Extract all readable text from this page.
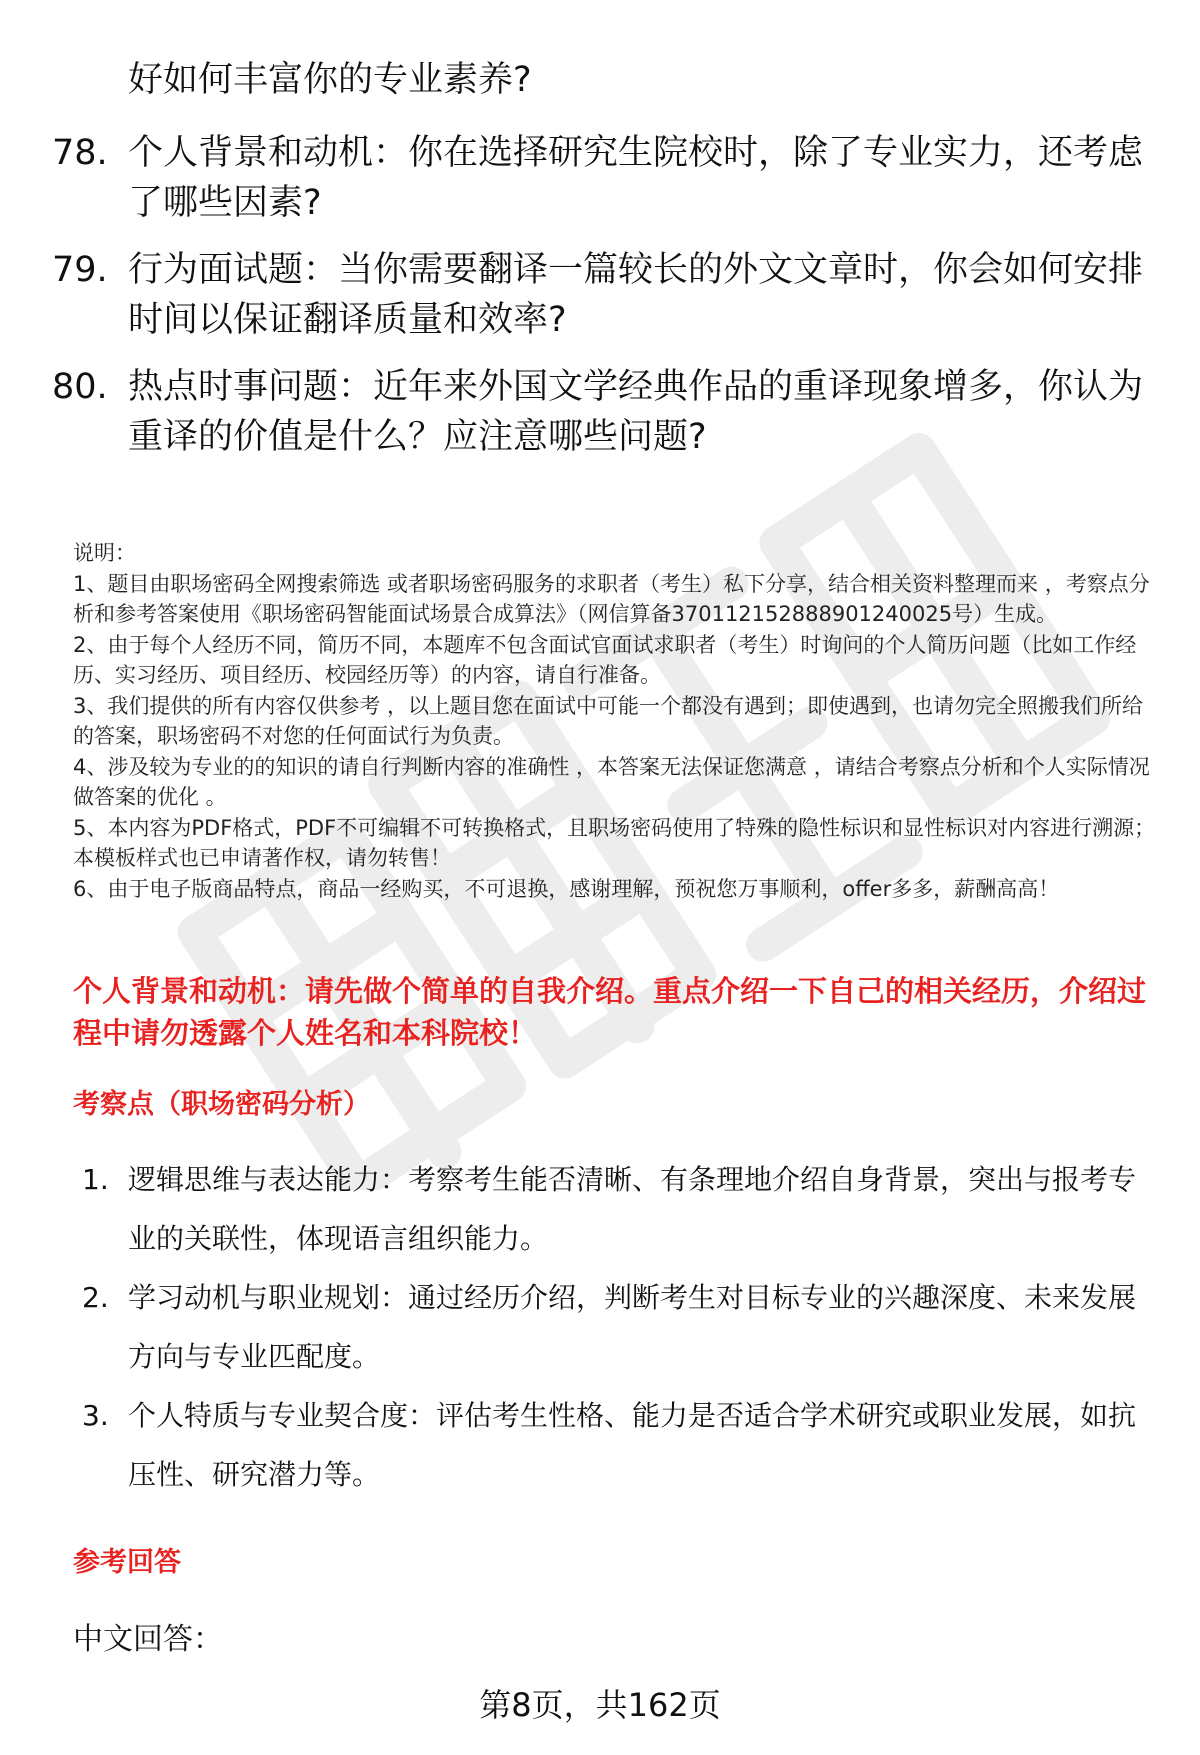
好如何丰富你的专业素养?
78. 个人背景和动机：你在选择研究生院校时，除了专业实力，还考虑了哪些因素?
79. 行为面试题：当你需要翻译一篇较长的外文文章时，你会如何安排时间以保证翻译质量和效率?
80. 热点时事问题：近年来外国文学经典作品的重译现象增多，你认为重译的价值是什么？应注意哪些问题?

说明：

1、题目由职场密码全网搜索筛选 或者职场密码服务的求职者（考生）私下分享，结合相关资料整理而来 ，考察点分析和参考答案使用《职场密码智能面试场景合成算法》（网信算备370112152888901240025号）生成。

2、由于每个人经历不同，简历不同，本题库不包含面试官面试求职者（考生）时询问的个人简历问题（比如工作经历、实习经历、项目经历、校园经历等）的内容，请自行准备。

3、我们提供的所有内容仅供参考 ，以上题目您在面试中可能一个都没有遇到；即使遇到，也请勿完全照搬我们所给的答案，职场密码不对您的任何面试行为负责。

4、涉及较为专业的的知识的请自行判断内容的准确性 ，本答案无法保证您满意 ，请结合考察点分析和个人实际情况做答案的优化 。

5、本内容为PDF格式，PDF不可编辑不可转换格式，且职场密码使用了特殊的隐性标识和显性标识对内容进行溯源；本模板样式也已申请著作权，请勿转售！

6、由于电子版商品特点，商品一经购买，不可退换，感谢理解，预祝您万事顺利，offer多多，薪酬高高！

个人背景和动机：请先做个简单的自我介绍。重点介绍一下自己的相关经历，介绍过程中请勿透露个人姓名和本科院校！
考察点（职场密码分析）
1. 逻辑思维与表达能力：考察考生能否清晰、有条理地介绍自身背景，突出与报考专业的关联性，体现语言组织能力。
2. 学习动机与职业规划：通过经历介绍，判断考生对目标专业的兴趣深度、未来发展方向与专业匹配度。
3. 个人特质与专业契合度：评估考生性格、能力是否适合学术研究或职业发展，如抗压性、研究潜力等。
参考回答
中文回答：
第8页，共162页
